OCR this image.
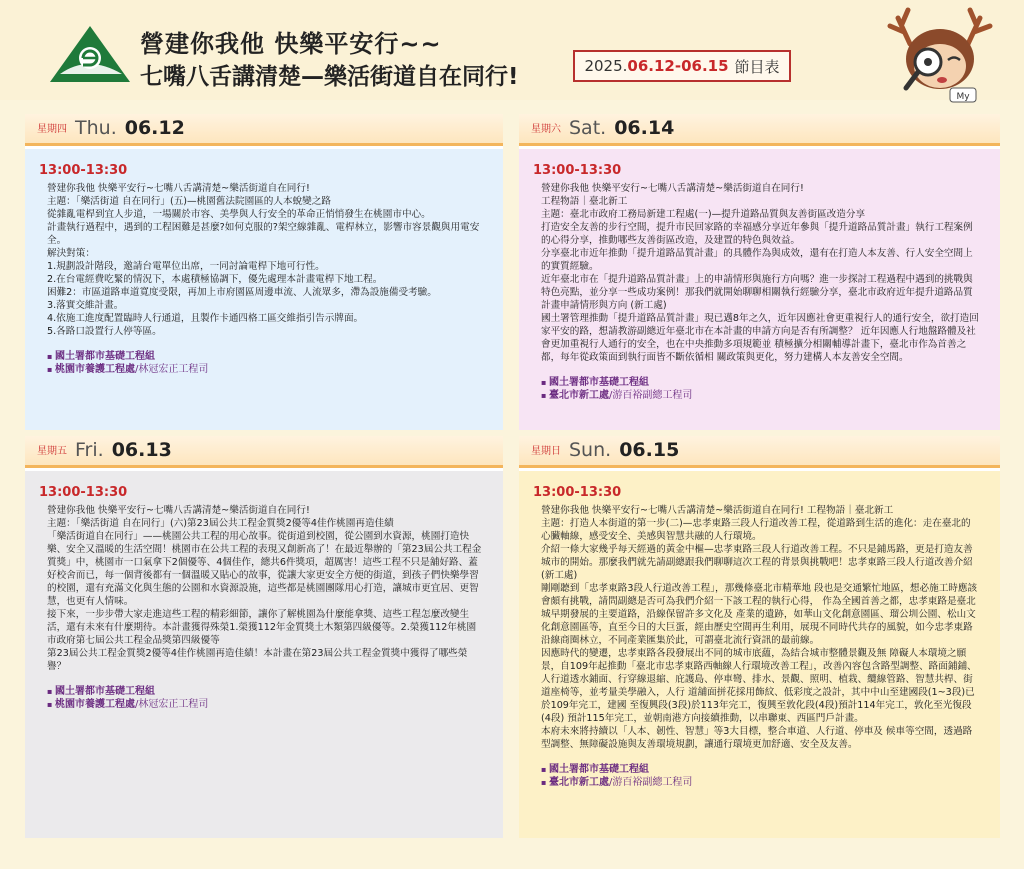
營建你我他 快樂平安行~~
七嘴八舌講清楚—樂活街道自在同行!	2025. 06.12-06.15 節目表
My
星期四 Thu. 06.12
13:00-13:30
營建你我他 快樂平安行~七嘴八舌講清楚~樂活街道自在同行!
主題：「樂活街道 自在同行」(五)—桃園舊法院園區的人本蛻變之路
從雜亂電桿到宜人步道，一場關於市容、美學與人行安全的革命正悄悄發生在桃園市中心。
計畫執行過程中，遇到的工程困難是甚麼?如何克服的?架空線雜亂、電桿林立，影響市容景觀與用電安全。
解決對策：
1.規劃設計階段，邀請台電單位出席，一同討論電桿下地可行性。
2.在台電經費吃緊的情況下，本處積極協調下，優先處理本計畫電桿下地工程。
困難2：市區道路車道寬度受限，再加上市府園區周邊車流、人流眾多，滯為設施備受考驗。
3.落實交維計畫。
4.依施工進度配置臨時人行通道，且製作卡通四格工區交維指引告示牌面。
5.各路口設置行人停等區。
▪ 國土署都市基礎工程組
▪ 桃園市養護工程處/林冠宏正工程司
星期六 Sat. 06.14
13:00-13:30
營建你我他 快樂平安行~七嘴八舌講清楚~樂活街道自在同行!
工程物語｜臺北新工
主題：臺北市政府工務局新建工程處(一)—提升道路品質與友善街區改造分享
打造安全友善的步行空間，提升市民回家路的幸福感分享近年參與「提升道路品質計畫」執行工程案例的心得分享，推動哪些友善街區改造，及建置的特色與效益。
分享臺北市近年推動「提升道路品質計畫」的具體作為與成效，還有在打造人本友善、行人安全空間上的實質經驗。
近年臺北市在「提升道路品質計畫」上的申請情形與施行方向嗎？進一步探討工程過程中遇到的挑戰與特色亮點，並分享一些成功案例！那我們就開始聊聊相關執行經驗分享，臺北市政府近年提升道路品質計畫申請情形與方向 (新工處)
國土署管理推動「提升道路品質計畫」現已邁8年之久，近年因應社會更重視行人的通行安全，欲打造回家平安的路，想請教游副總近年臺北市在本計畫的申請方向是否有所調整？ 近年因應人行地盤路體及社會更加重視行人通行的安全，也在中央推動多項規範並 積極擴分相關輔導計畫下，臺北市作為首善之都，每年從政策面到執行面皆不斷依循相 關政策與更化，努力建構人本友善安全空間。
▪ 國土署都市基礎工程組
▪ 臺北市新工處/游百裕副總工程司
星期五 Fri. 06.13
13:00-13:30
營建你我他 快樂平安行~七嘴八舌講清楚~樂活街道自在同行!
主題：「樂活街道 自在同行」(六)第23屆公共工程金質獎2優等4佳作桃園再造佳績
「樂活街道自在同行」——桃園公共工程的用心故事。從街道到校園，從公園到水資源，桃園打造快樂、安全又溫暖的生活空間！桃園市在公共工程的表現又創新高了！在最近舉辦的「第23屆公共工程金質獎」中，桃園市一口氣拿下2個優等、4個佳作，總共6件獎項，超厲害！這些工程不只是舖好路、蓋好校舍而已，每一個背後都有一個溫暖又貼心的故事，從讓大家更安全方便的街道，到孩子們快樂學習的校園，還有充滿文化與生態的公園和水資源設施，這些都是桃園團隊用心打造，讓城市更宜居、更智慧，也更有人情味。
接下來，一步步帶大家走進這些工程的精彩細節，讓你了解桃園為什麼能拿獎、這些工程怎麼改變生活，還有未來有什麼期待。本計畫獲得殊榮1.榮獲112年金質獎土木類第四級優等。2.榮獲112年桃園市政府第七屆公共工程金品獎第四級優等
第23屆公共工程金質獎2優等4佳作桃園再造佳績！本計畫在第23屆公共工程金質獎中獲得了哪些榮譽？
▪ 國土署都市基礎工程組
▪ 桃園市養護工程處/林冠宏正工程司
星期日 Sun. 06.15
13:00-13:30
營建你我他 快樂平安行~七嘴八舌講清楚~樂活街道自在同行! 工程物語｜臺北新工
主題：打造人本街道的第一步(二)—忠孝東路三段人行道改善工程，從道路到生活的進化：走在臺北的心臟軸線，感受安全、美感與智慧共融的人行環境。
介紹一條大家幾乎每天經過的黃金中樞—忠孝東路三段人行道改善工程。不只是鋪馬路，更是打造友善城市的開始。那麼我們就先請副總跟我們聊聊這次工程的背景與挑戰吧！忠孝東路三段人行道改善介紹 (新工處)
剛剛聽到「忠孝東路3段人行道改善工程」，那幾條臺北市精華地 段也是交通繁忙地區，想必施工時應該會頗有挑戰，請問副總是否可為我們介紹一下該工程的執行心得， 作為全國首善之都，忠孝東路是臺北城早期發展的主要道路，沿線保留許多文化及 產業的遺跡，如華山文化創意園區、瑠公圳公園、松山文化創意園區等，直至今日的大巨蛋，經由歷史空間再生利用，展現不同時代共存的風貌，如今忠孝東路沿線商圈林立，不同產業匯集於此，可謂臺北流行資訊的最前線。
因應時代的變遷，忠孝東路各段發展出不同的城市底蘊，為結合城市整體景觀及無 障礙人本環境之願景，自109年起推動「臺北市忠孝東路西軸線人行環境改善工程」，改善內容包含路型調整、路面鋪鋪、人行道透水鋪面、行穿線退縮、庇護島、停車彎、排水、景觀、照明、植栽、纜線管路、智慧共桿、街道座椅等，並考量美學融入，人行 道舖面拼花採用飾紋、低彩度之設計，其中中山至建國段(1~3段)已於109年完工，建國 至復興段(3段)於113年完工，復興至敦化段(4段)預計114年完工，敦化至光復段(4段) 預計115年完工，並朝南港方向接續推動，以串聯東、西區門戶計畫。
本府未來將持續以「人本、韌性、智慧」等3大目標，整合車道、人行道、停車及 候車等空間，透過路型調整、無障礙設施與友善環境規劃，讓通行環境更加舒適、安全及友善。
▪ 國土署都市基礎工程組
▪ 臺北市新工處/游百裕副總工程司
